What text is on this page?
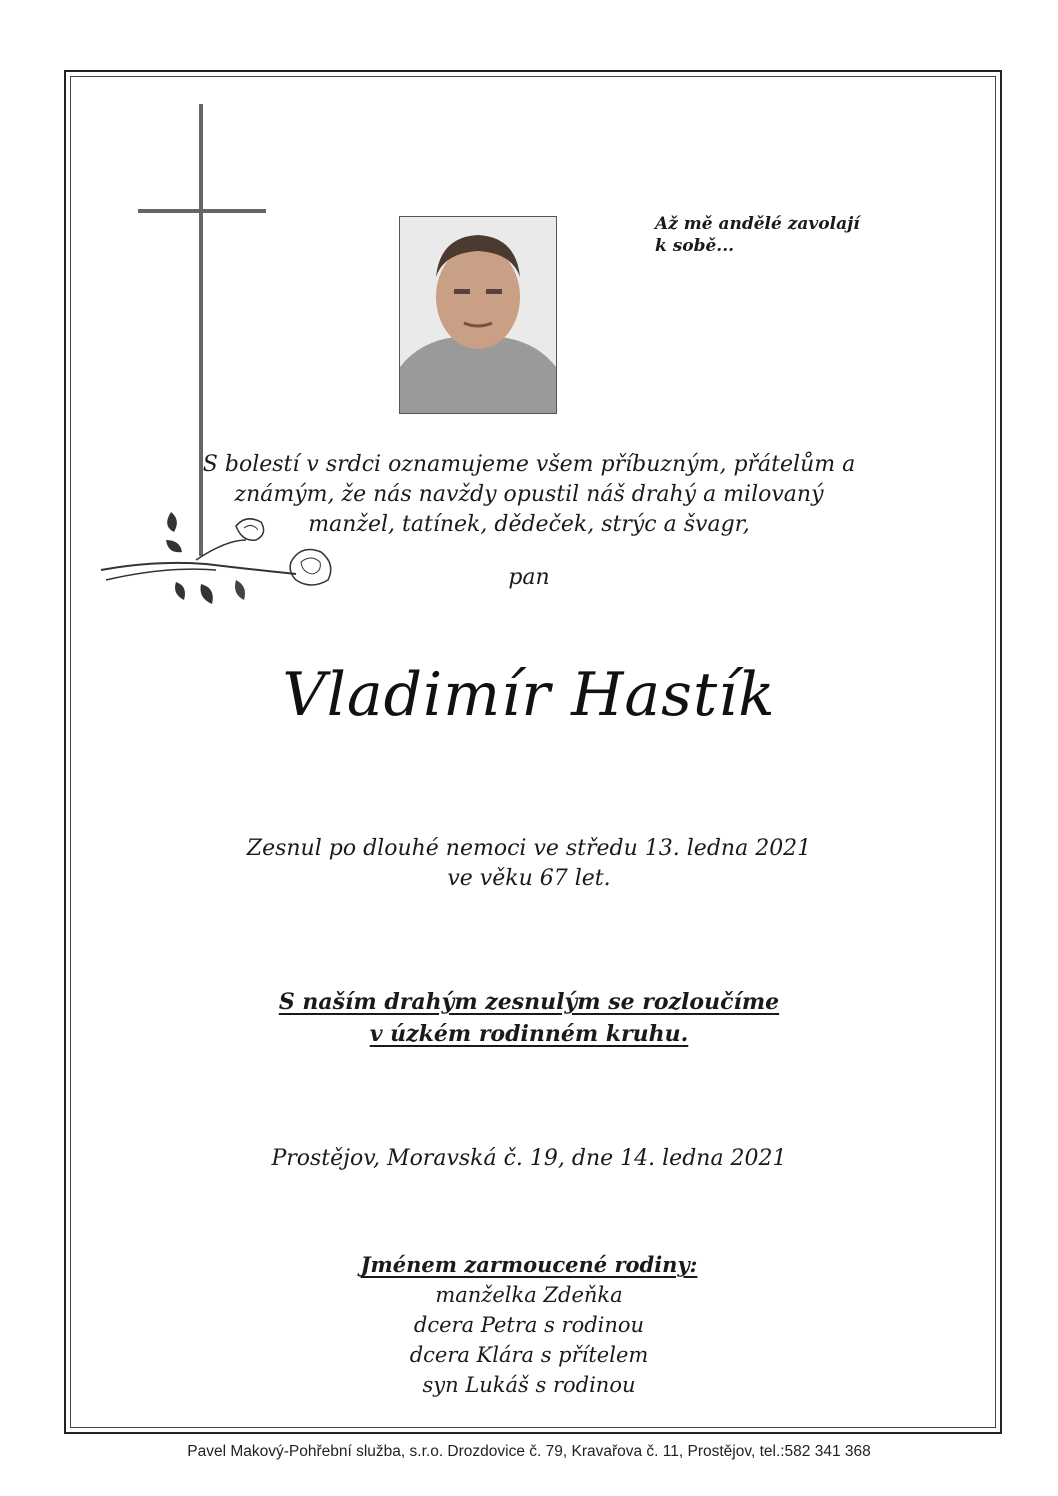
Až mě andělé zavolají
k sobě...
S bolestí v srdci oznamujeme všem příbuzným, přátelům a
známým, že nás navždy opustil náš drahý a milovaný
manžel, tatínek, dědeček, strýc a švagr,
pan
Vladimír Hastík
Zesnul po dlouhé nemoci ve středu 13. ledna 2021
ve věku 67 let.
S naším drahým zesnulým se rozloučíme
v úzkém rodinném kruhu.
Prostějov, Moravská č. 19, dne 14. ledna 2021
Jménem zarmoucené rodiny:
manželka Zdeňka
dcera Petra s rodinou
dcera Klára s přítelem
syn Lukáš s rodinou
Pavel Makový-Pohřební služba, s.r.o. Drozdovice č. 79, Kravařova č. 11, Prostějov, tel.:582 341 368
